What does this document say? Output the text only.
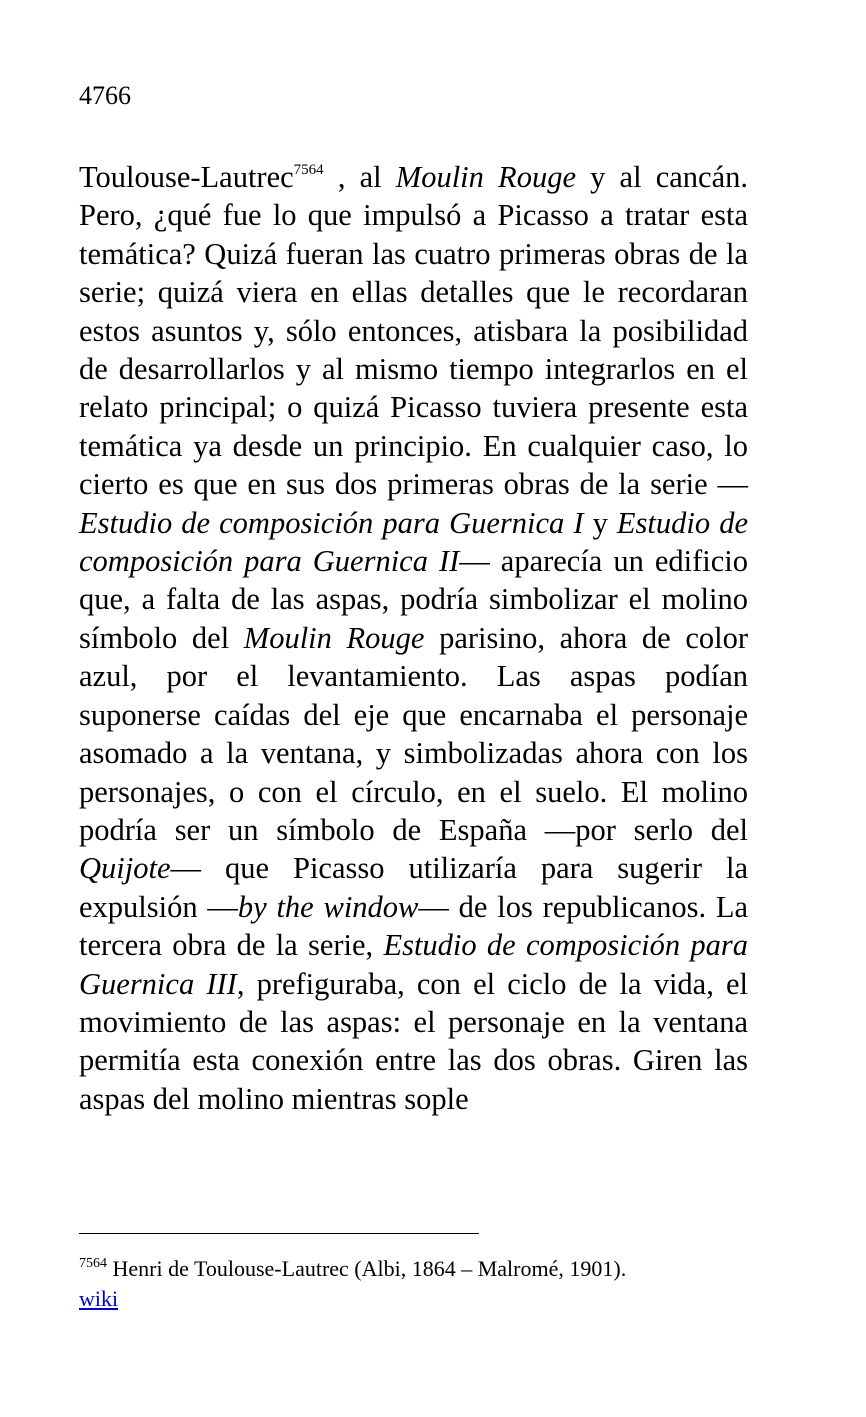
4766

Toulouse-Lautrec$^{7564}$ , al Moulin Rouge y al cancán. Pero, ¿qué fue lo que impulsó a Picasso a tratar esta temática? Quizá fueran las cuatro primeras obras de la serie; quizá viera en ellas detalles que le recordaran estos asuntos y, sólo entonces, atisbara la posibilidad de desarrollarlos y al mismo tiempo integrarlos en el relato principal; o quizá Picasso tuviera presente esta temática ya desde un principio. En cualquier caso, lo cierto es que en sus dos primeras obras de la serie —Estudio de composición para Guernica I y Estudio de composición para Guernica II— aparecía un edificio que, a falta de las aspas, podría simbolizar el molino símbolo del Moulin Rouge parisino, ahora de color azul, por el levantamiento. Las aspas podían suponerse caídas del eje que encarnaba el personaje asomado a la ventana, y simbolizadas ahora con los personajes, o con el círculo, en el suelo. El molino podría ser un símbolo de España —por serlo del Quijote— que Picasso utilizaría para sugerir la expulsión —by the window— de los republicanos. La tercera obra de la serie, Estudio de composición para Guernica III, prefiguraba, con el ciclo de la vida, el movimiento de las aspas: el personaje en la ventana permitía esta conexión entre las dos obras. Giren las aspas del molino mientras sople

$^{7564}$ Henri de Toulouse-Lautrec (Albi, 1864 – Malromé, 1901).
wiki
